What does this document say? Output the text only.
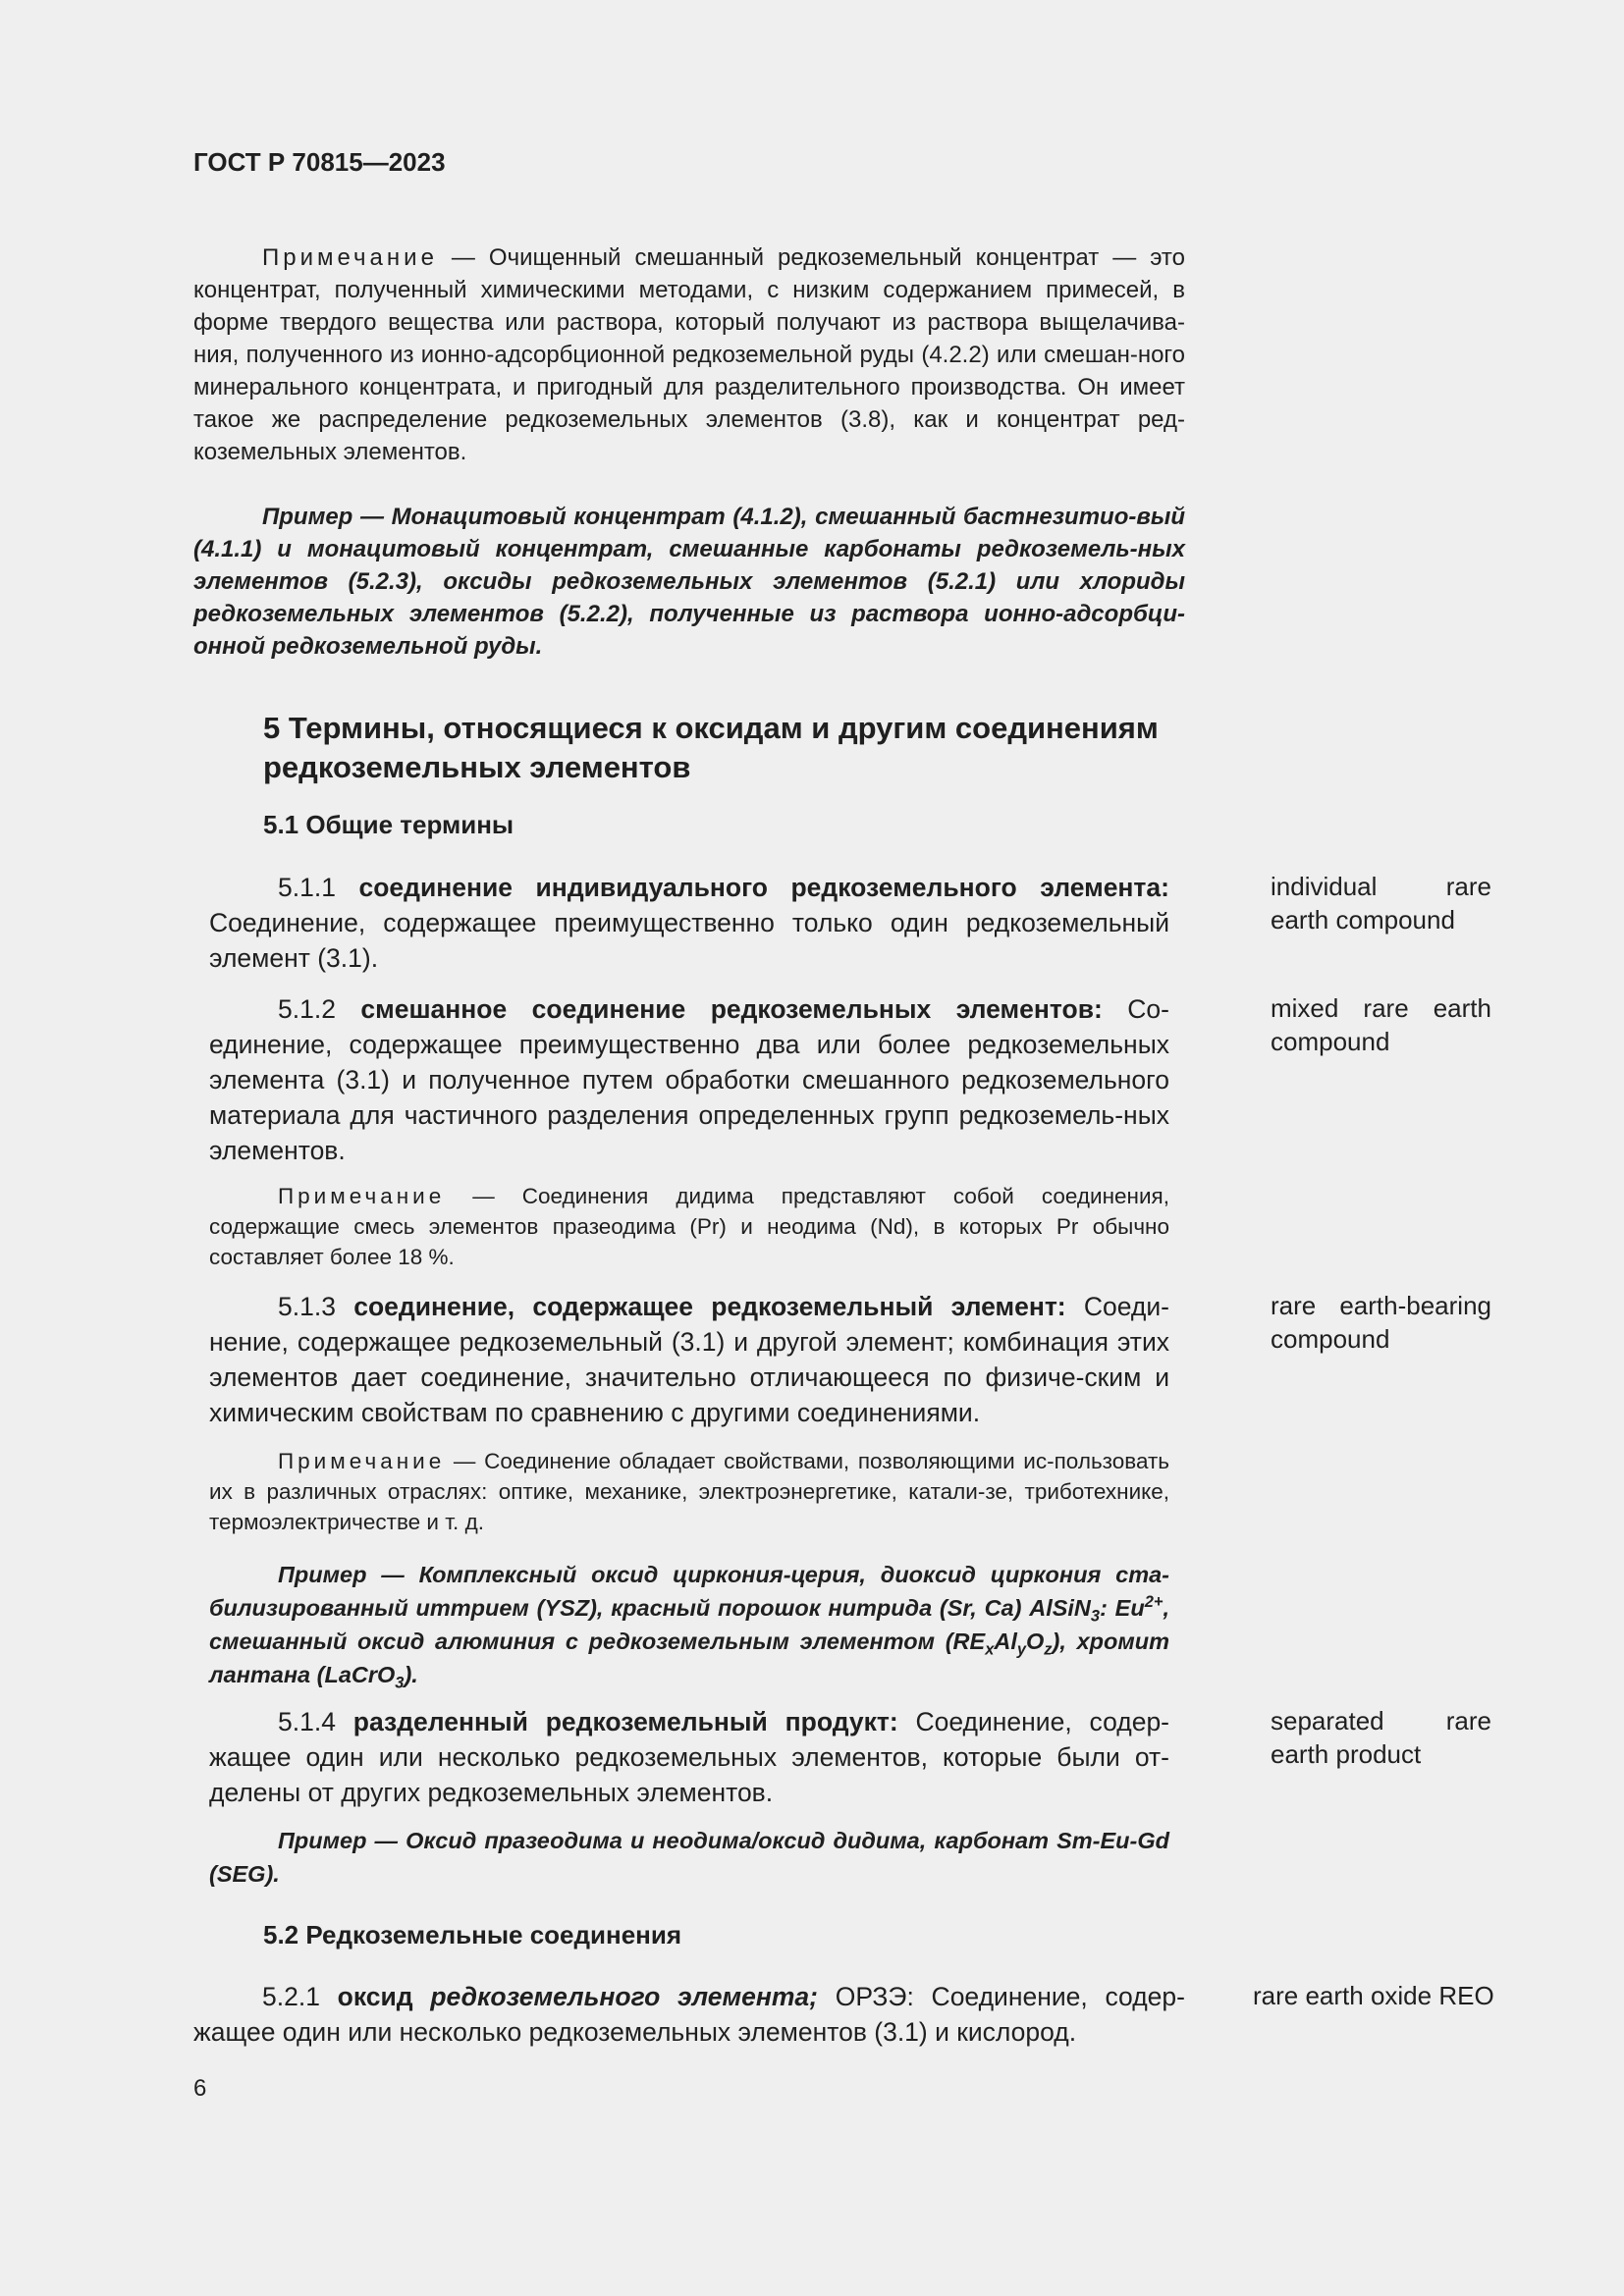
ГОСТ Р 70815—2023
Примечание — Очищенный смешанный редкоземельный концентрат — это концентрат, полученный химическими методами, с низким содержанием примесей, в форме твердого вещества или раствора, который получают из раствора выщелачива-ния, полученного из ионно-адсорбционной редкоземельной руды (4.2.2) или смешан-ного минерального концентрата, и пригодный для разделительного производства. Он имеет такое же распределение редкоземельных элементов (3.8), как и концентрат ред-коземельных элементов.
Пример — Монацитовый концентрат (4.1.2), смешанный бастнезитио-вый (4.1.1) и монацитовый концентрат, смешанные карбонаты редкоземель-ных элементов (5.2.3), оксиды редкоземельных элементов (5.2.1) или хлориды редкоземельных элементов (5.2.2), полученные из раствора ионно-адсорбци-онной редкоземельной руды.
5 Термины, относящиеся к оксидам и другим соединениям редкоземельных элементов
5.1 Общие термины
5.1.1 соединение индивидуального редкоземельного элемента: Соединение, содержащее преимущественно только один редкоземельный элемент (3.1).
individual rare earth compound
5.1.2 смешанное соединение редкоземельных элементов: Со-единение, содержащее преимущественно два или более редкоземельных элемента (3.1) и полученное путем обработки смешанного редкоземельного материала для частичного разделения определенных групп редкоземель-ных элементов.
mixed rare earth compound
Примечание — Соединения дидима представляют собой соединения, содержащие смесь элементов празеодима (Pr) и неодима (Nd), в которых Pr обычно составляет более 18 %.
5.1.3 соединение, содержащее редкоземельный элемент: Соеди-нение, содержащее редкоземельный (3.1) и другой элемент; комбинация этих элементов дает соединение, значительно отличающееся по физиче-ским и химическим свойствам по сравнению с другими соединениями.
rare earth-bearing compound
Примечание — Соединение обладает свойствами, позволяющими ис-пользовать их в различных отраслях: оптике, механике, электроэнергетике, катали-зе, триботехнике, термоэлектричестве и т. д.
Пример — Комплексный оксид циркония-церия, диоксид циркония ста-билизированный иттрием (YSZ), красный порошок нитрида (Sr, Ca) AlSiN$_3$: $Eu^{2+}$, смешанный оксид алюминия с редкоземельным элементом $(RE_xAl_yO_z)$, хромит лантана (LaCrO$_3$).
5.1.4 разделенный редкоземельный продукт: Соединение, содер-жащее один или несколько редкоземельных элементов, которые были от-делены от других редкоземельных элементов.
separated rare earth product
Пример — Оксид празеодима и неодима/оксид дидима, карбонат Sm-Eu-Gd (SEG).
5.2 Редкоземельные соединения
5.2.1 оксид редкоземельного элемента; ОРЗЭ: Соединение, содер-жащее один или несколько редкоземельных элементов (3.1) и кислород.
rare earth oxide REO
6
